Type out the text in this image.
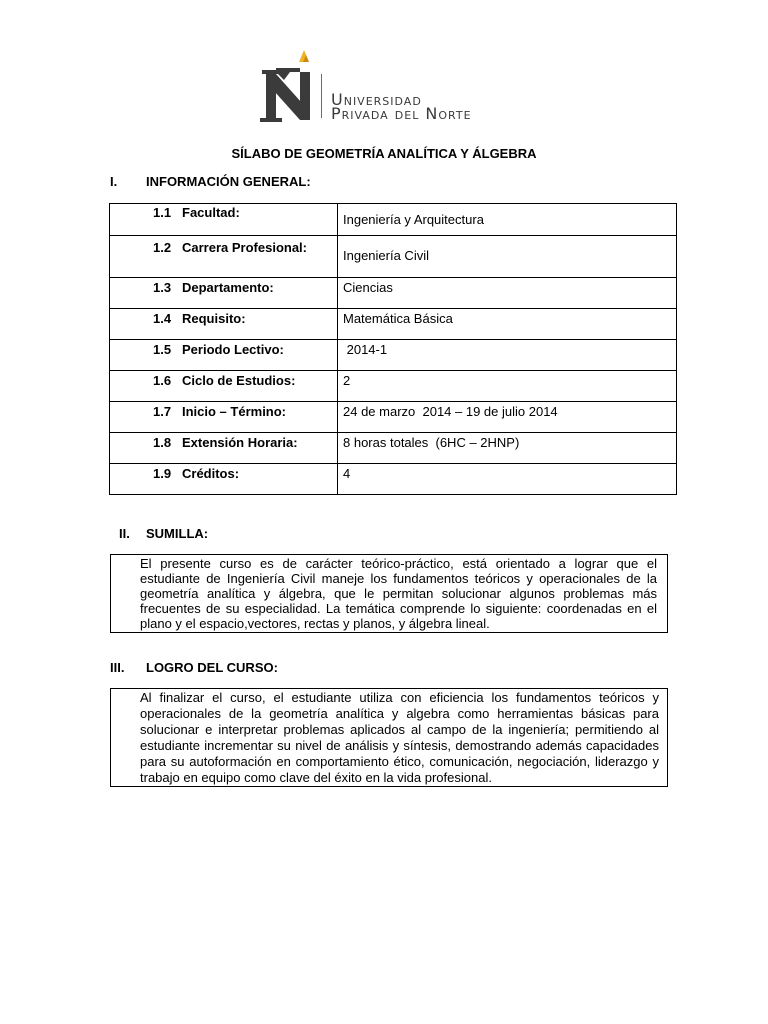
Universidad
Privada del Norte
SÍLABO DE GEOMETRÍA ANALÍTICA Y ÁLGEBRA
I. INFORMACIÓN GENERAL:
1.1 Facultad:	Ingeniería y Arquitectura
1.2 Carrera Profesional:	Ingeniería Civil
1.3 Departamento:	Ciencias
1.4 Requisito:	Matemática Básica
1.5 Periodo Lectivo:	2014-1
1.6 Ciclo de Estudios:	2
1.7 Inicio – Término:	24 de marzo  2014 – 19 de julio 2014
1.8 Extensión Horaria:	8 horas totales  (6HC – 2HNP)
1.9 Créditos:	4
II. SUMILLA:

El presente curso es de carácter teórico-práctico, está orientado a lograr que el estudiante de Ingeniería Civil maneje los fundamentos teóricos y operacionales de la geometría analítica y álgebra, que le permitan solucionar algunos problemas más frecuentes de su especialidad. La temática comprende lo siguiente: coordenadas en el plano y el espacio,vectores, rectas y planos, y álgebra lineal.

III. LOGRO DEL CURSO:

Al finalizar el curso, el estudiante utiliza con eficiencia los fundamentos teóricos y operacionales de la geometría analítica y algebra como herramientas básicas para solucionar e interpretar problemas aplicados al campo de la ingeniería; permitiendo al estudiante incrementar su nivel de análisis y síntesis, demostrando además capacidades para su autoformación en comportamiento ético, comunicación, negociación, liderazgo y trabajo en equipo como clave del éxito en la vida profesional.
